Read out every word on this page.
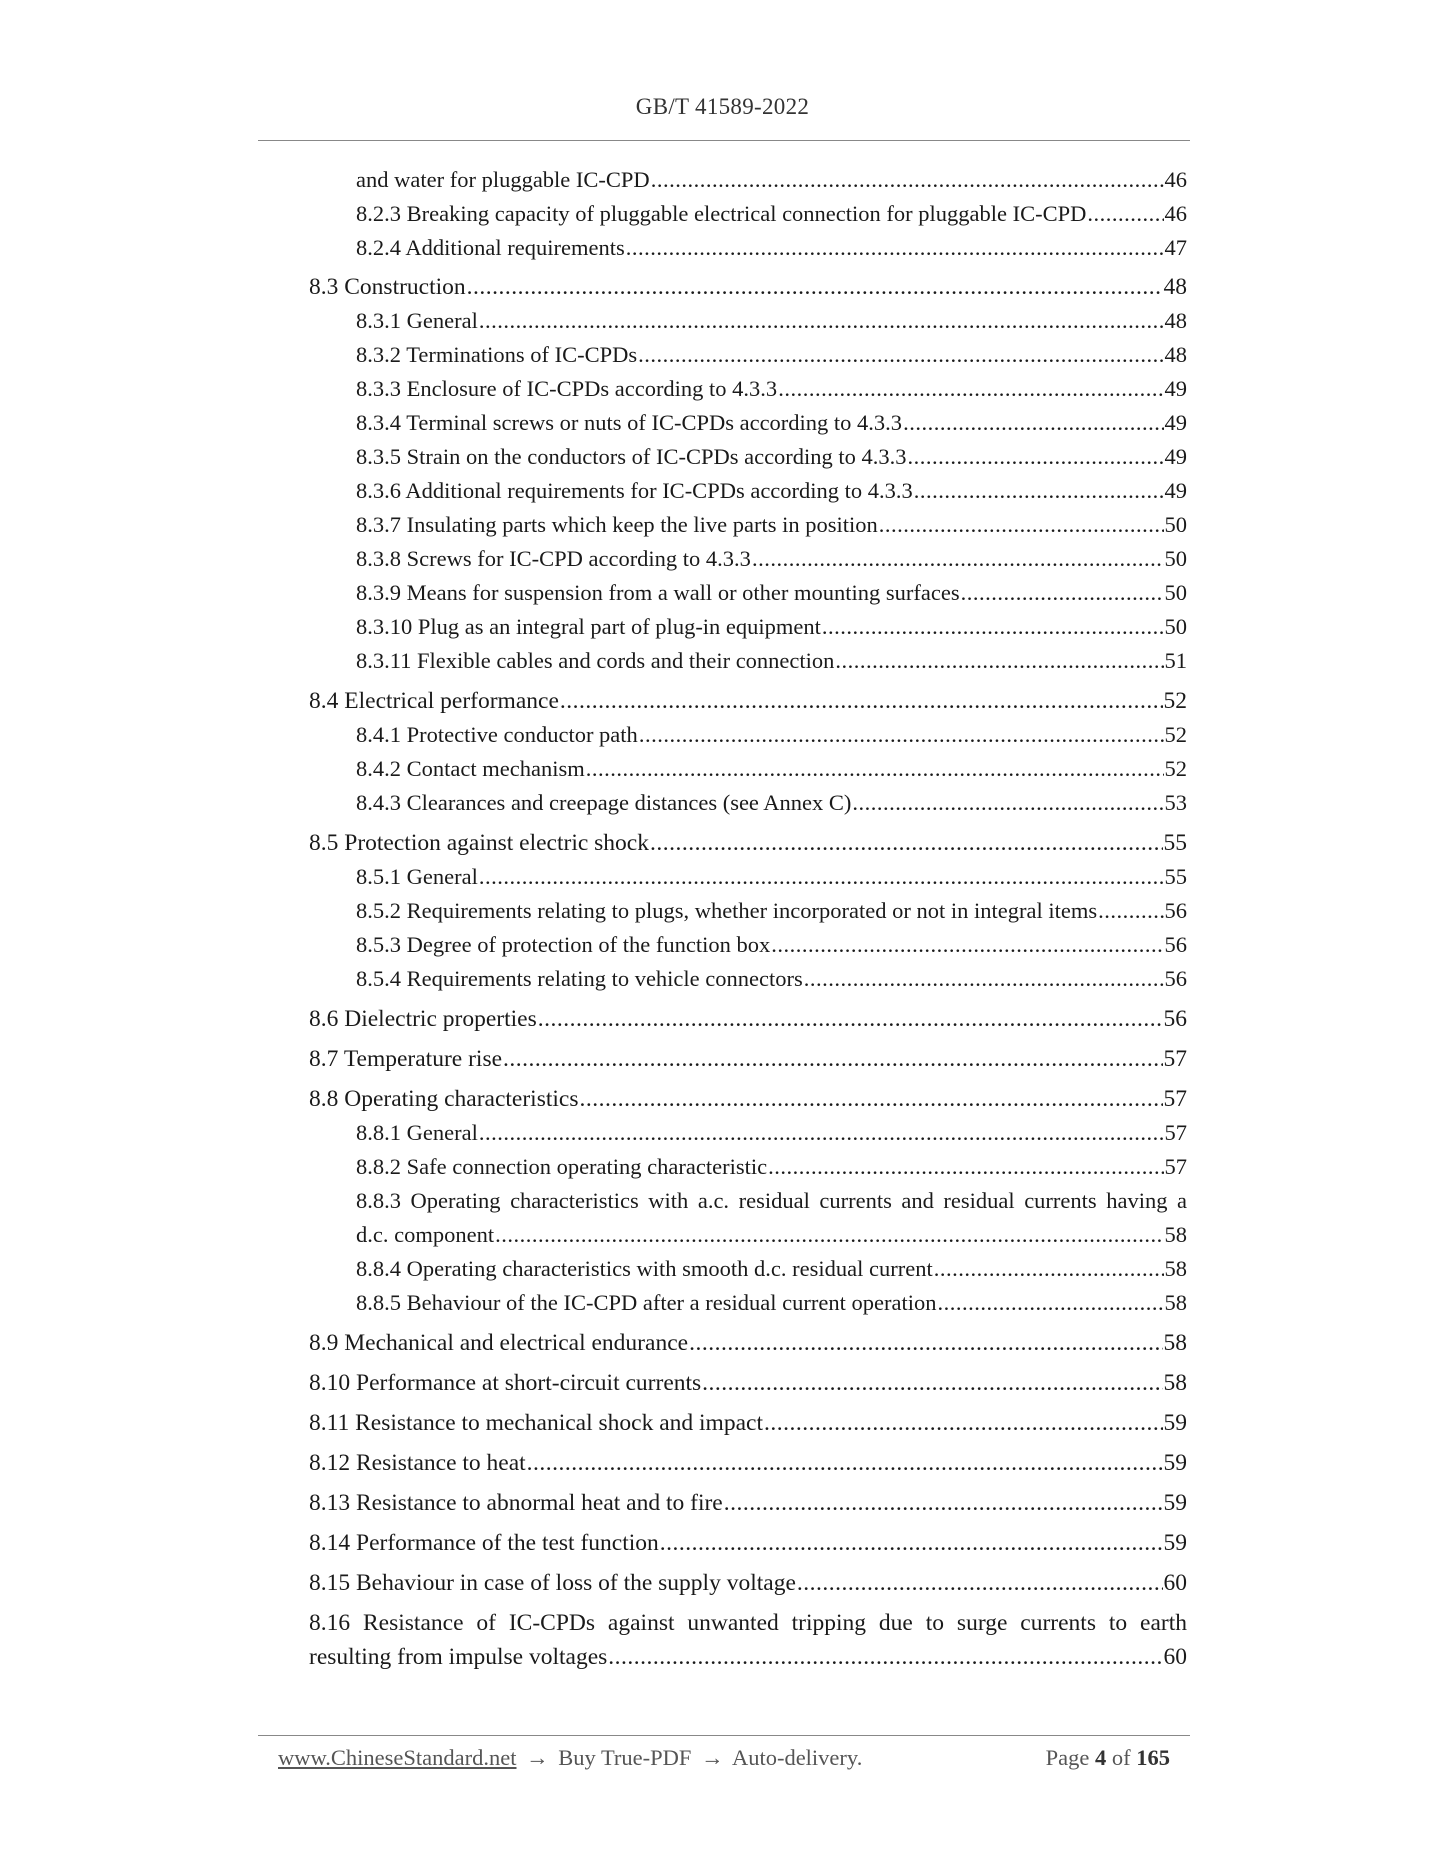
GB/T 41589-2022
and water for pluggable IC-CPD .....	46
8.2.3 Breaking capacity of pluggable electrical connection for pluggable IC-CPD .....	46
8.2.4 Additional requirements .....	47
8.3 Construction .....	48
8.3.1 General .....	48
8.3.2 Terminations of IC-CPDs .....	48
8.3.3 Enclosure of IC-CPDs according to 4.3.3 .....	49
8.3.4 Terminal screws or nuts of IC-CPDs according to 4.3.3 .....	49
8.3.5 Strain on the conductors of IC-CPDs according to 4.3.3 .....	49
8.3.6 Additional requirements for IC-CPDs according to 4.3.3 .....	49
8.3.7 Insulating parts which keep the live parts in position .....	50
8.3.8 Screws for IC-CPD according to 4.3.3 .....	50
8.3.9 Means for suspension from a wall or other mounting surfaces .....	50
8.3.10 Plug as an integral part of plug-in equipment .....	50
8.3.11 Flexible cables and cords and their connection .....	51
8.4 Electrical performance .....	52
8.4.1 Protective conductor path .....	52
8.4.2 Contact mechanism .....	52
8.4.3 Clearances and creepage distances (see Annex C) .....	53
8.5 Protection against electric shock .....	55
8.5.1 General .....	55
8.5.2 Requirements relating to plugs, whether incorporated or not in integral items .....	56
8.5.3 Degree of protection of the function box .....	56
8.5.4 Requirements relating to vehicle connectors .....	56
8.6 Dielectric properties .....	56
8.7 Temperature rise .....	57
8.8 Operating characteristics .....	57
8.8.1 General .....	57
8.8.2 Safe connection operating characteristic .....	57
8.8.3 Operating characteristics with a.c. residual currents and residual currents having a
d.c. component .....	58
8.8.4 Operating characteristics with smooth d.c. residual current .....	58
8.8.5 Behaviour of the IC-CPD after a residual current operation .....	58
8.9 Mechanical and electrical endurance .....	58
8.10 Performance at short-circuit currents .....	58
8.11 Resistance to mechanical shock and impact .....	59
8.12 Resistance to heat .....	59
8.13 Resistance to abnormal heat and to fire .....	59
8.14 Performance of the test function .....	59
8.15 Behaviour in case of loss of the supply voltage .....	60
8.16 Resistance of IC-CPDs against unwanted tripping due to surge currents to earth
resulting from impulse voltages .....	60
www.ChineseStandard.net → Buy True-PDF → Auto-delivery.	Page 4 of 165
